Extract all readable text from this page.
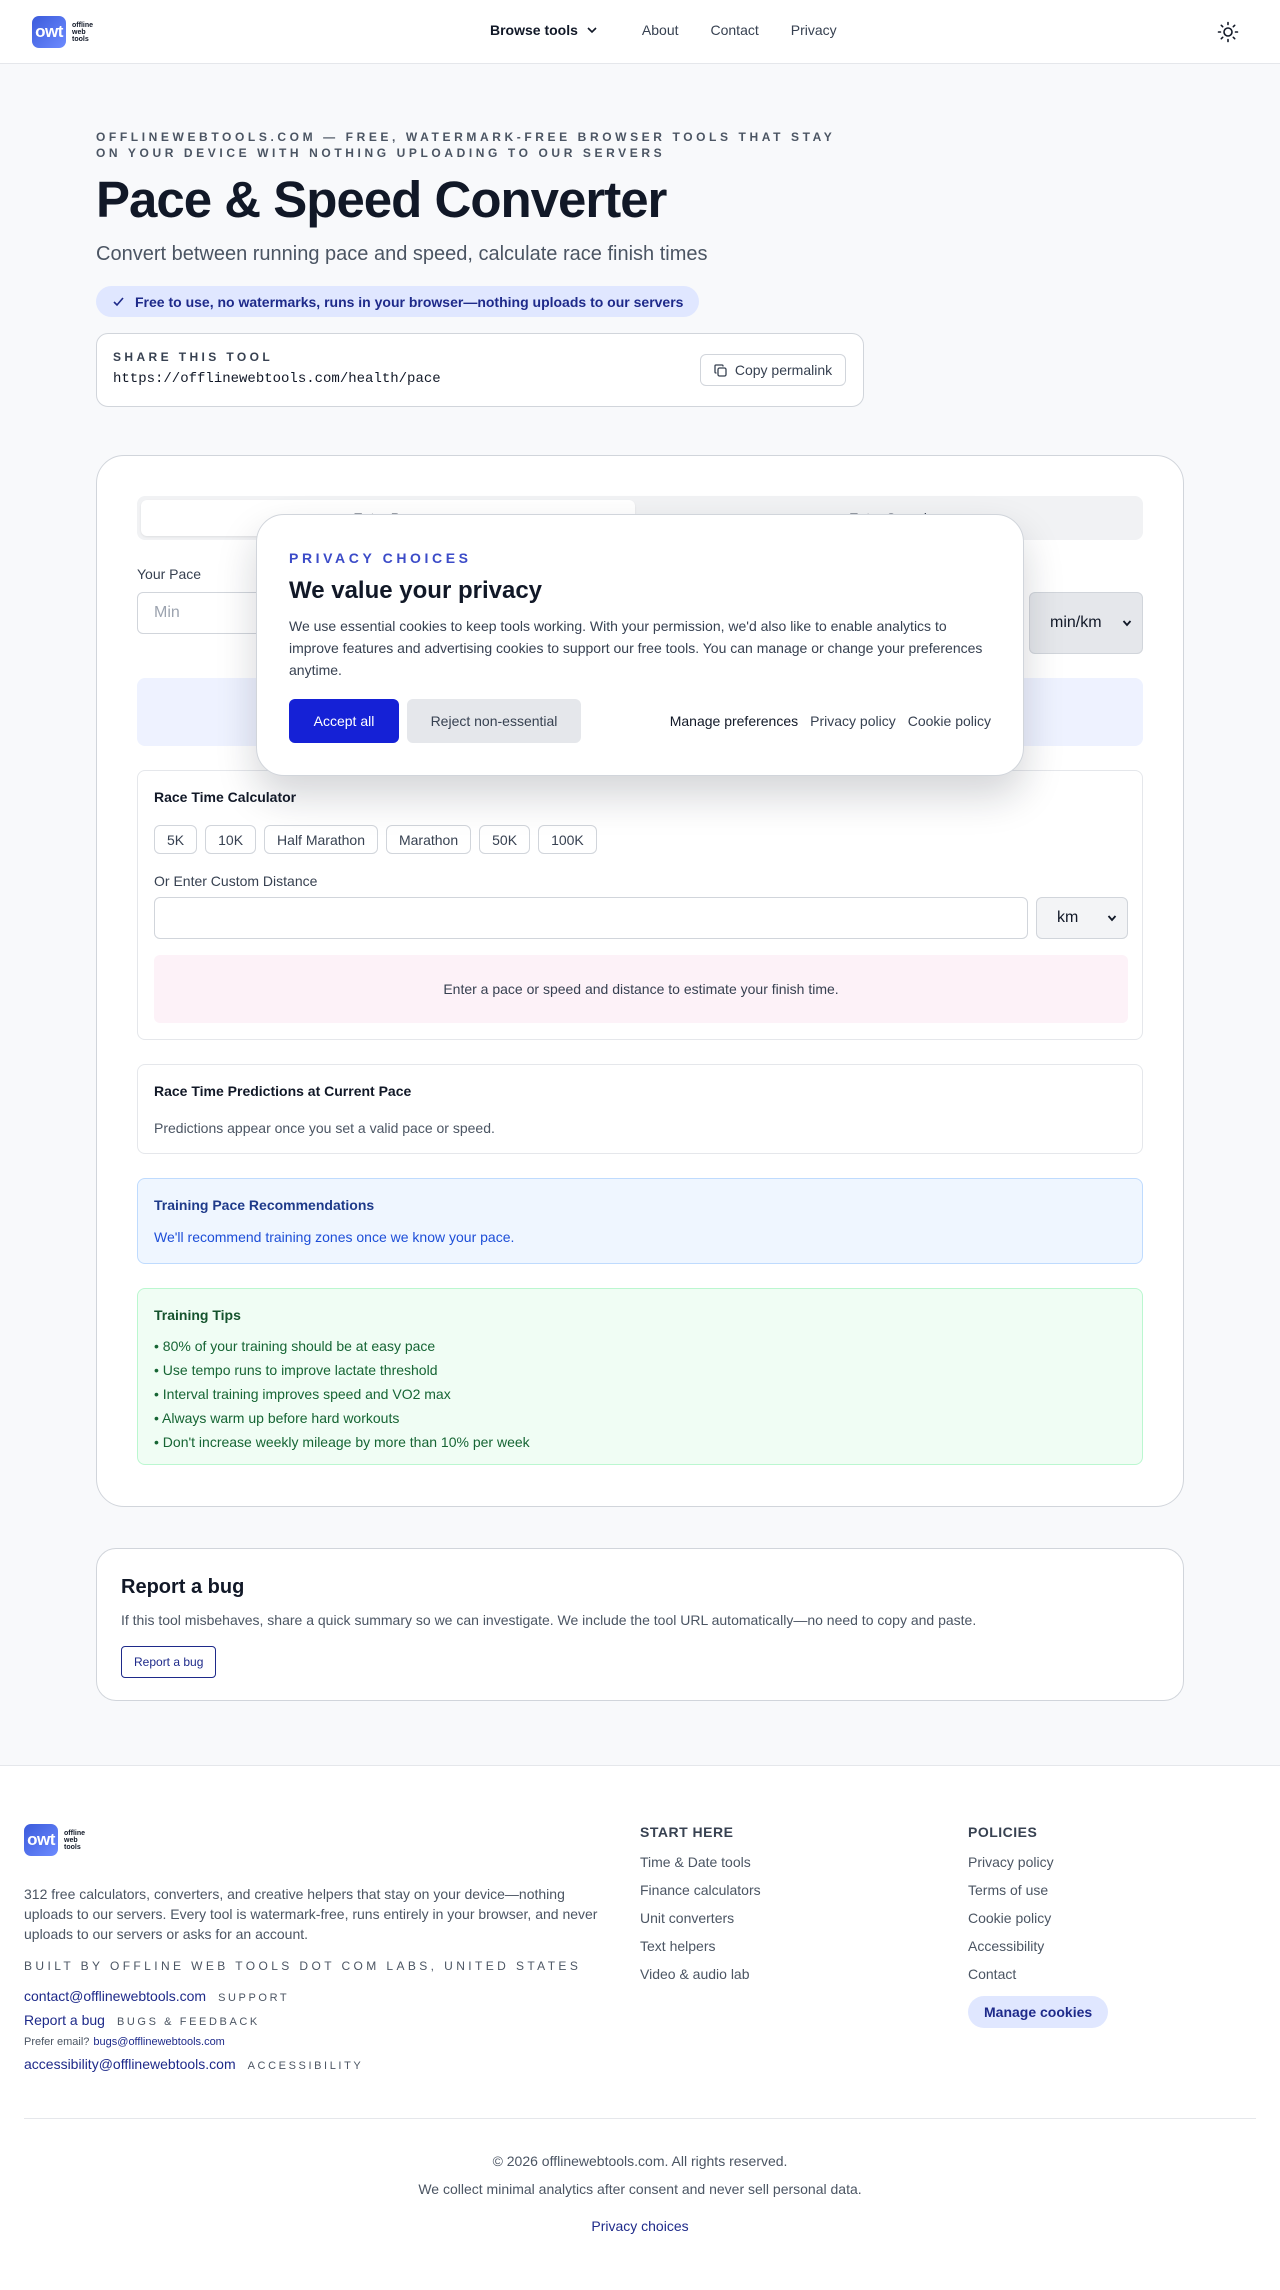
owt	offline web tools
Browse tools	About Contact Privacy
OFFLINEWEBTOOLS.COM — FREE, WATERMARK-FREE BROWSER TOOLS THAT STAY ON YOUR DEVICE WITH NOTHING UPLOADING TO OUR SERVERS
Pace & Speed Converter

Convert between running pace and speed, calculate race finish times

Free to use, no watermarks, runs in your browser—nothing uploads to our servers
SHARE THIS TOOL
https://offlinewebtools.com/health/pace
Copy permalink
Your Pace
Min
min/km
Race Time Calculator
5K	10K	Half Marathon	Marathon	50K	100K
Or Enter Custom Distance
km
Enter a pace or speed and distance to estimate your finish time.
Race Time Predictions at Current Pace
Predictions appear once you set a valid pace or speed.
Training Pace Recommendations
We'll recommend training zones once we know your pace.
Training Tips
• 80% of your training should be at easy pace
• Use tempo runs to improve lactate threshold
• Interval training improves speed and VO2 max
• Always warm up before hard workouts
• Don't increase weekly mileage by more than 10% per week
Report a bug
If this tool misbehaves, share a quick summary so we can investigate. We include the tool URL automatically—no need to copy and paste.
Report a bug
owt	offline web tools
312 free calculators, converters, and creative helpers that stay on your device—nothing uploads to our servers. Every tool is watermark-free, runs entirely in your browser, and never uploads to our servers or asks for an account.
BUILT BY OFFLINE WEB TOOLS DOT COM LABS, UNITED STATES
contact@offlinewebtools.com SUPPORT
Report a bug BUGS & FEEDBACK
Prefer email? bugs@offlinewebtools.com
accessibility@offlinewebtools.com ACCESSIBILITY
START HERE
Time & Date tools
Finance calculators
Unit converters
Text helpers
Video & audio lab
POLICIES
Privacy policy
Terms of use
Cookie policy
Accessibility
Contact
Manage cookies
© 2026 offlinewebtools.com. All rights reserved.
We collect minimal analytics after consent and never sell personal data.
Privacy choices
PRIVACY CHOICES
We value your privacy
We use essential cookies to keep tools working. With your permission, we'd also like to enable analytics to improve features and advertising cookies to support our free tools. You can manage or change your preferences anytime.
Accept all	Reject non-essential	Manage preferences Privacy policy Cookie policy
